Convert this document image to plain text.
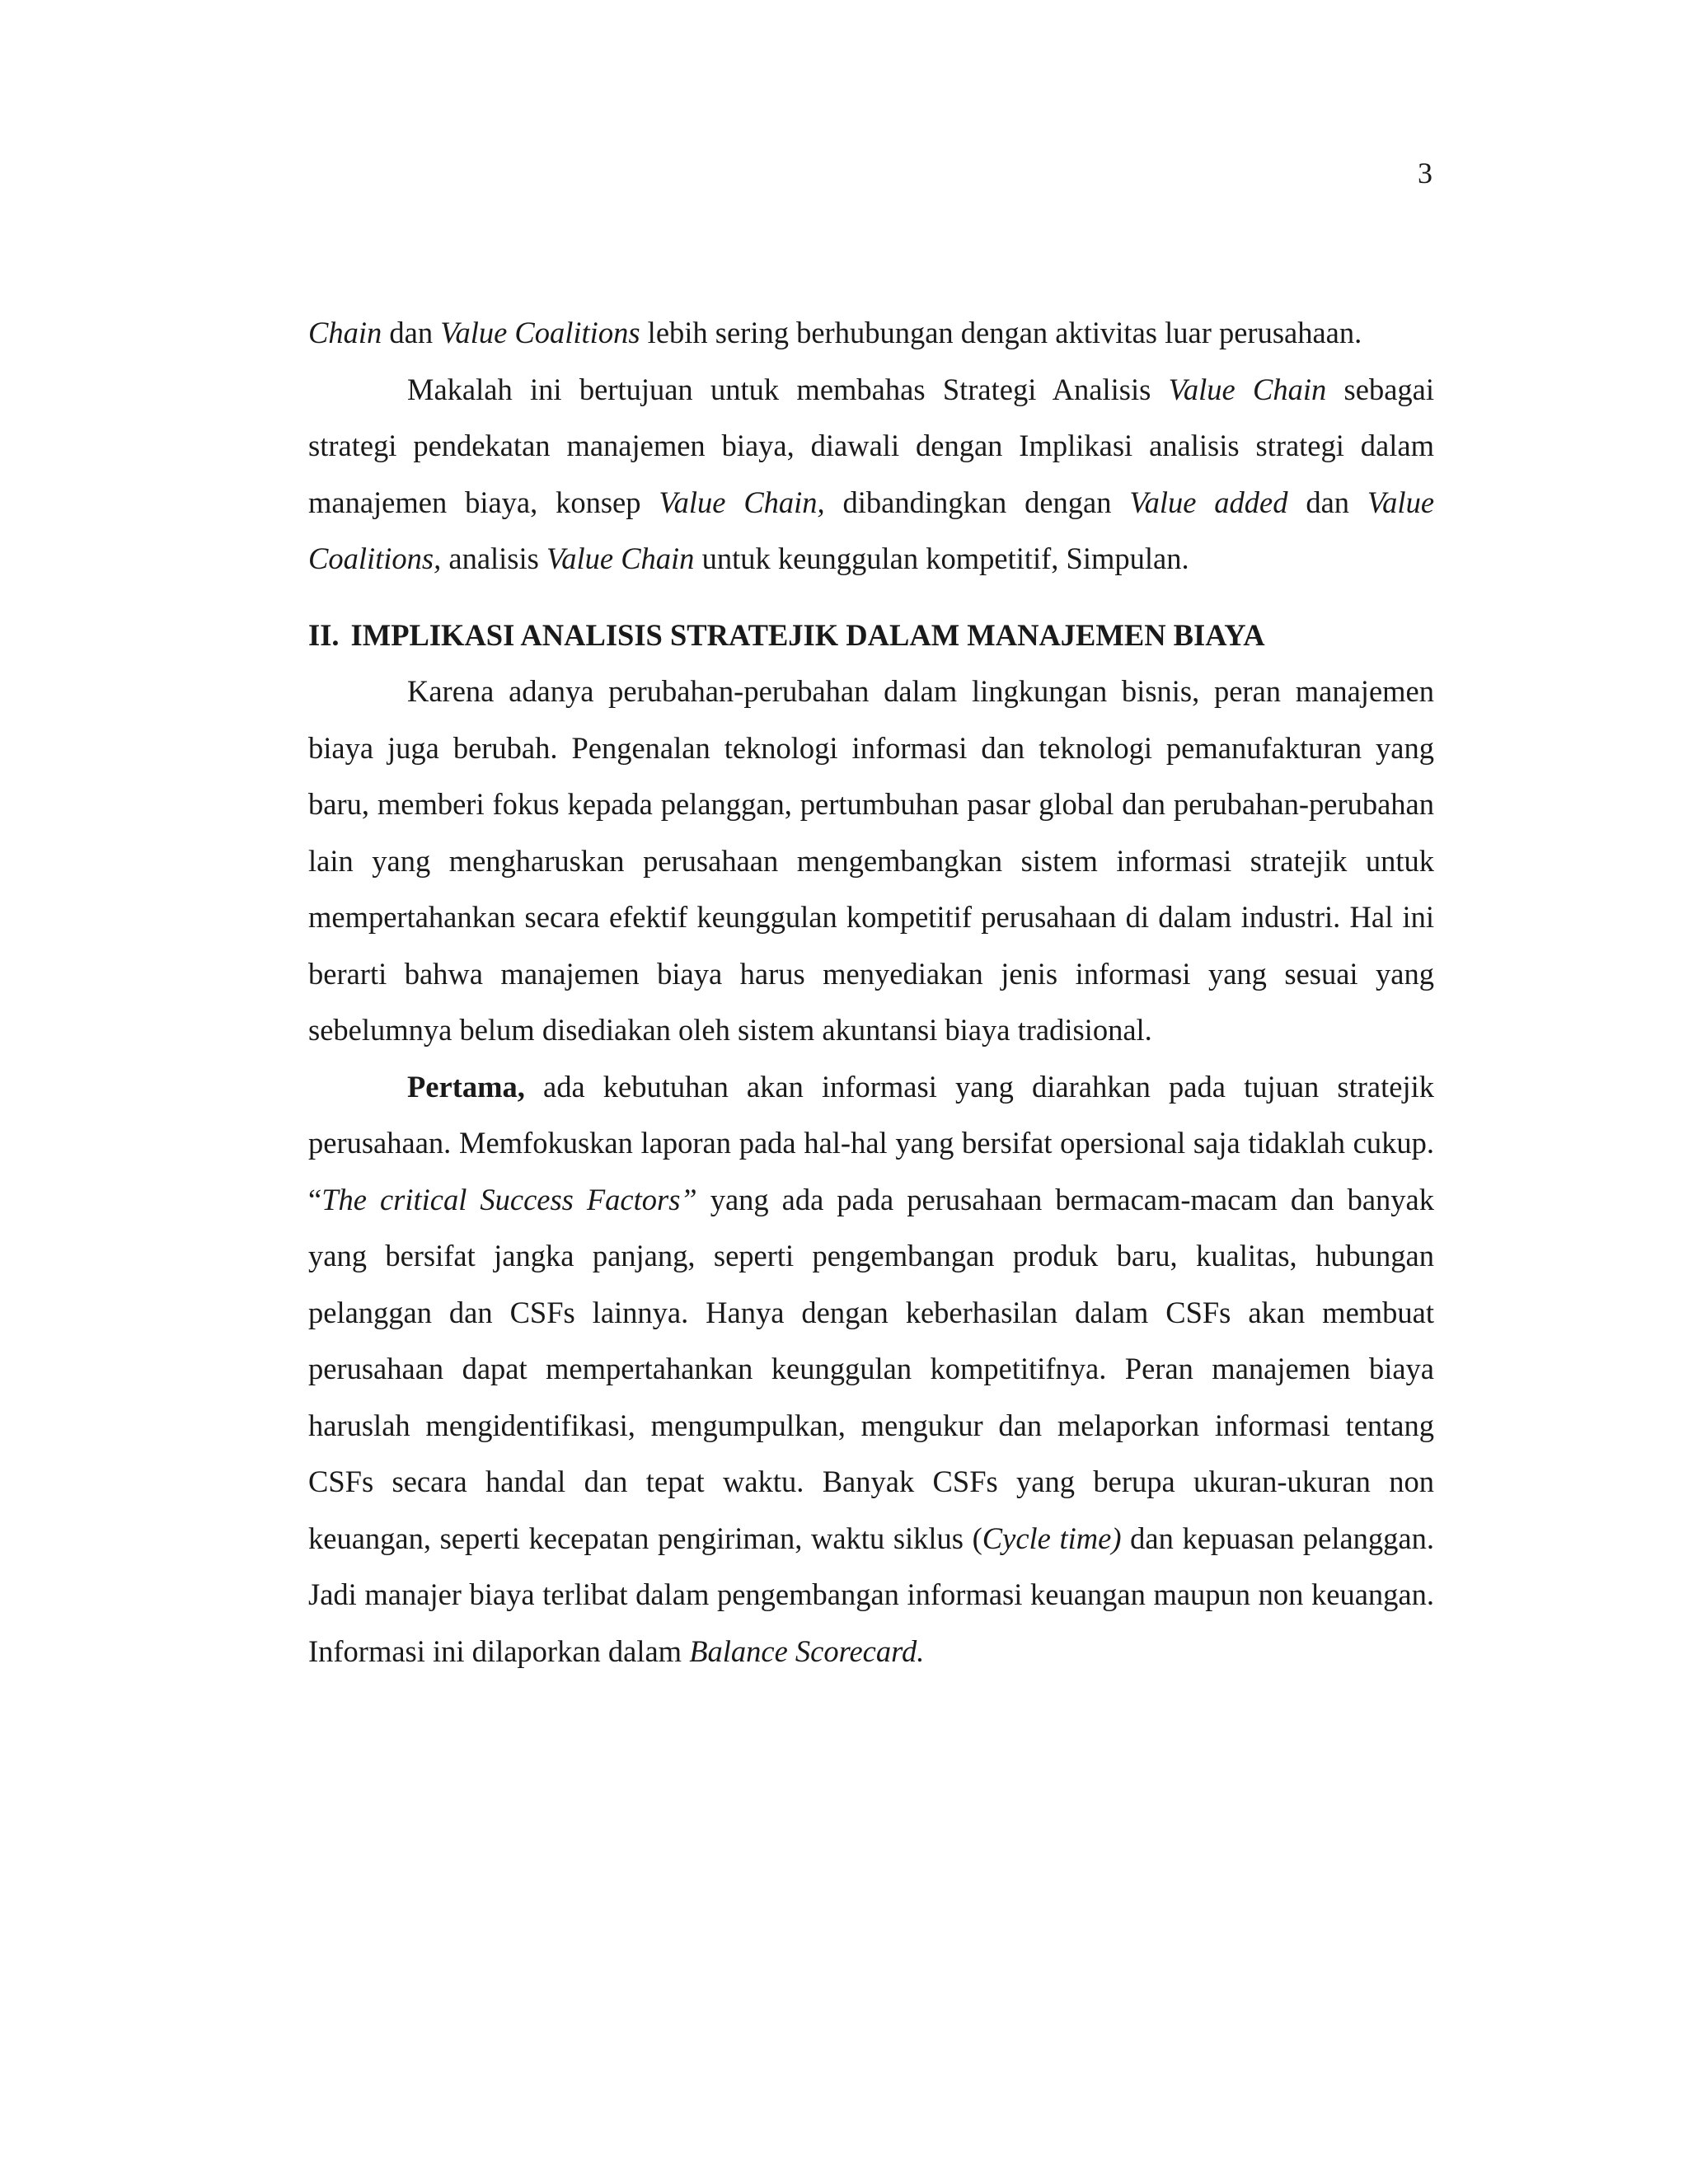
3

Chain dan Value Coalitions lebih sering berhubungan dengan aktivitas luar perusahaan.

Makalah ini bertujuan untuk membahas Strategi Analisis Value Chain sebagai strategi pendekatan manajemen biaya, diawali dengan Implikasi analisis strategi dalam manajemen biaya, konsep Value Chain, dibandingkan dengan Value added dan Value Coalitions, analisis Value Chain untuk keunggulan kompetitif, Simpulan.

II. IMPLIKASI ANALISIS STRATEJIK DALAM MANAJEMEN BIAYA

Karena adanya perubahan-perubahan dalam lingkungan bisnis, peran manajemen biaya juga berubah. Pengenalan teknologi informasi dan teknologi pemanufakturan yang baru, memberi fokus kepada pelanggan, pertumbuhan pasar global dan perubahan-perubahan lain yang mengharuskan perusahaan mengembangkan sistem informasi stratejik untuk mempertahankan secara efektif keunggulan kompetitif perusahaan di dalam industri. Hal ini berarti bahwa manajemen biaya harus menyediakan jenis informasi yang sesuai yang sebelumnya belum disediakan oleh sistem akuntansi biaya tradisional.

Pertama, ada kebutuhan akan informasi yang diarahkan pada tujuan stratejik perusahaan. Memfokuskan laporan pada hal-hal yang bersifat opersional saja tidaklah cukup. “The critical Success Factors” yang ada pada perusahaan bermacam-macam dan banyak yang bersifat jangka panjang, seperti pengembangan produk baru, kualitas, hubungan pelanggan dan CSFs lainnya. Hanya dengan keberhasilan dalam CSFs akan membuat perusahaan dapat mempertahankan keunggulan kompetitifnya. Peran manajemen biaya haruslah mengidentifikasi, mengumpulkan, mengukur dan melaporkan informasi tentang CSFs secara handal dan tepat waktu. Banyak CSFs yang berupa ukuran-ukuran non keuangan, seperti kecepatan pengiriman, waktu siklus (Cycle time) dan kepuasan pelanggan. Jadi manajer biaya terlibat dalam pengembangan informasi keuangan maupun non keuangan. Informasi ini dilaporkan dalam Balance Scorecard.
